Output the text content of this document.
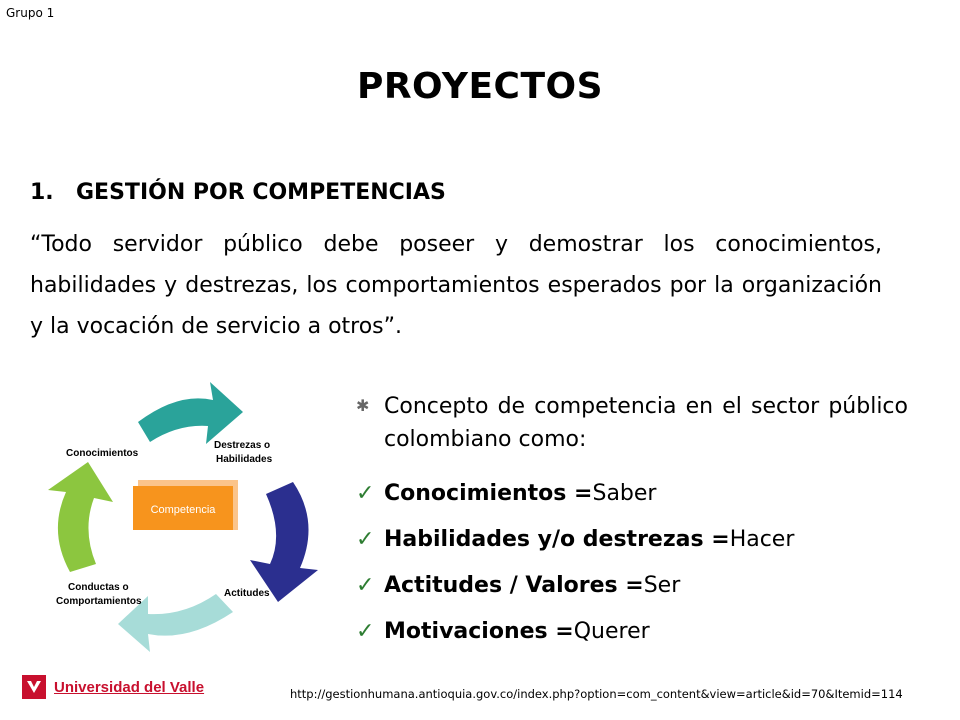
Grupo 1
PROYECTOS
1. GESTIÓN POR COMPETENCIAS
“Todo servidor público debe poseer y demostrar los conocimientos, habilidades y destrezas, los comportamientos esperados por la organización y la vocación de servicio a otros”.
Competencia
Conocimientos
Destrezas o
Habilidades
Actitudes
Conductas o
Comportamientos
✱ Concepto de competencia en el sector público colombiano como:
✓ Conocimientos = Saber
✓ Habilidades y/o destrezas = Hacer
✓ Actitudes / Valores = Ser
✓ Motivaciones = Querer
Universidad del Valle	http://gestionhumana.antioquia.gov.co/index.php?option=com_content&view=article&id=70&Itemid=114
